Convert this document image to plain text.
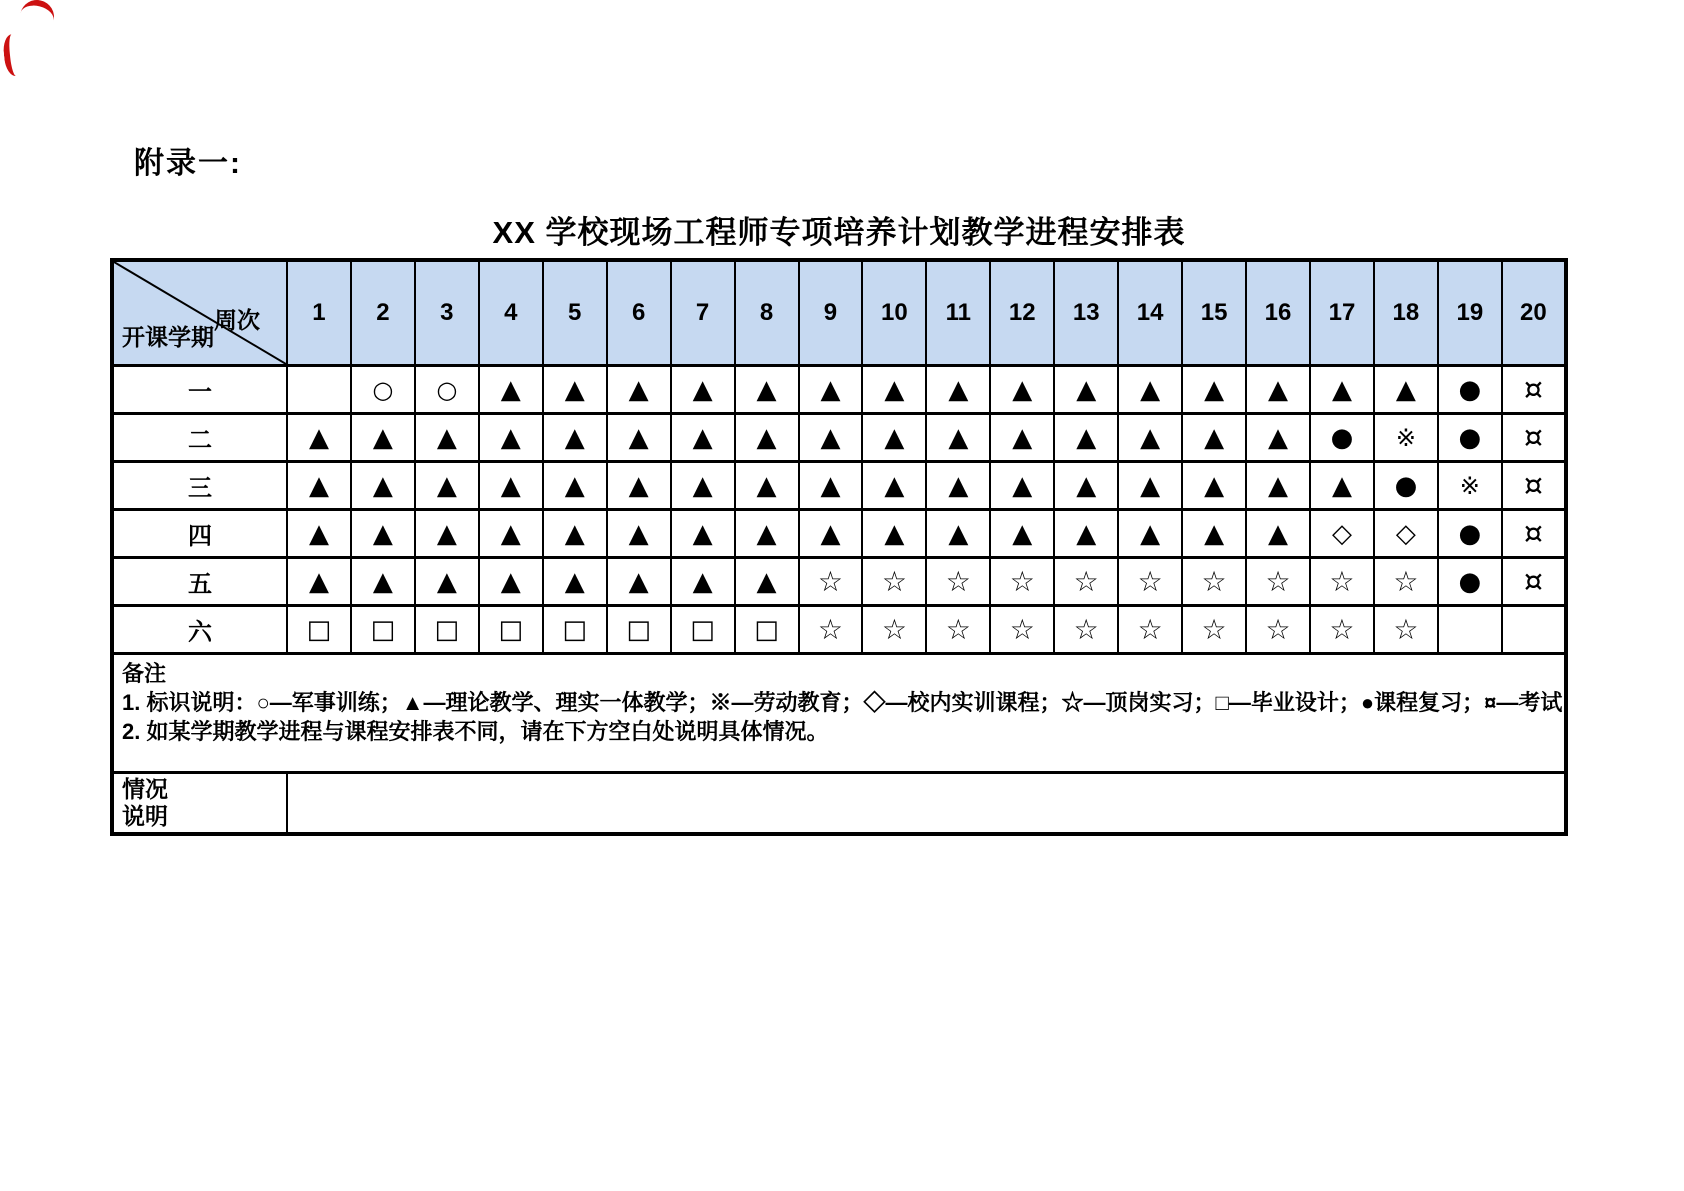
附录一:
XX 学校现场工程师专项培养计划教学进程安排表
周次
开课学期	1	2	3	4	5	6	7	8	9	10	11	12	13	14	15	16	17	18	19	20
一		○	○	▲	▲	▲	▲	▲	▲	▲	▲	▲	▲	▲	▲	▲	▲	▲	●	¤
二	▲	▲	▲	▲	▲	▲	▲	▲	▲	▲	▲	▲	▲	▲	▲	▲	●	※	●	¤
三	▲	▲	▲	▲	▲	▲	▲	▲	▲	▲	▲	▲	▲	▲	▲	▲	▲	●	※	¤
四	▲	▲	▲	▲	▲	▲	▲	▲	▲	▲	▲	▲	▲	▲	▲	▲	◇	◇	●	¤
五	▲	▲	▲	▲	▲	▲	▲	▲	☆	☆	☆	☆	☆	☆	☆	☆	☆	☆	●	¤
六	□	□	□	□	□	□	□	□	☆	☆	☆	☆	☆	☆	☆	☆	☆	☆		

备注
1. 标识说明：○—军事训练；▲—理论教学、理实一体教学；※—劳动教育；◇—校内实训课程；☆—顶岗实习；□—毕业设计；●课程复习；¤—考试
2. 如某学期教学进程与课程安排表不同，请在下方空白处说明具体情况。																				

情况
说明																				
